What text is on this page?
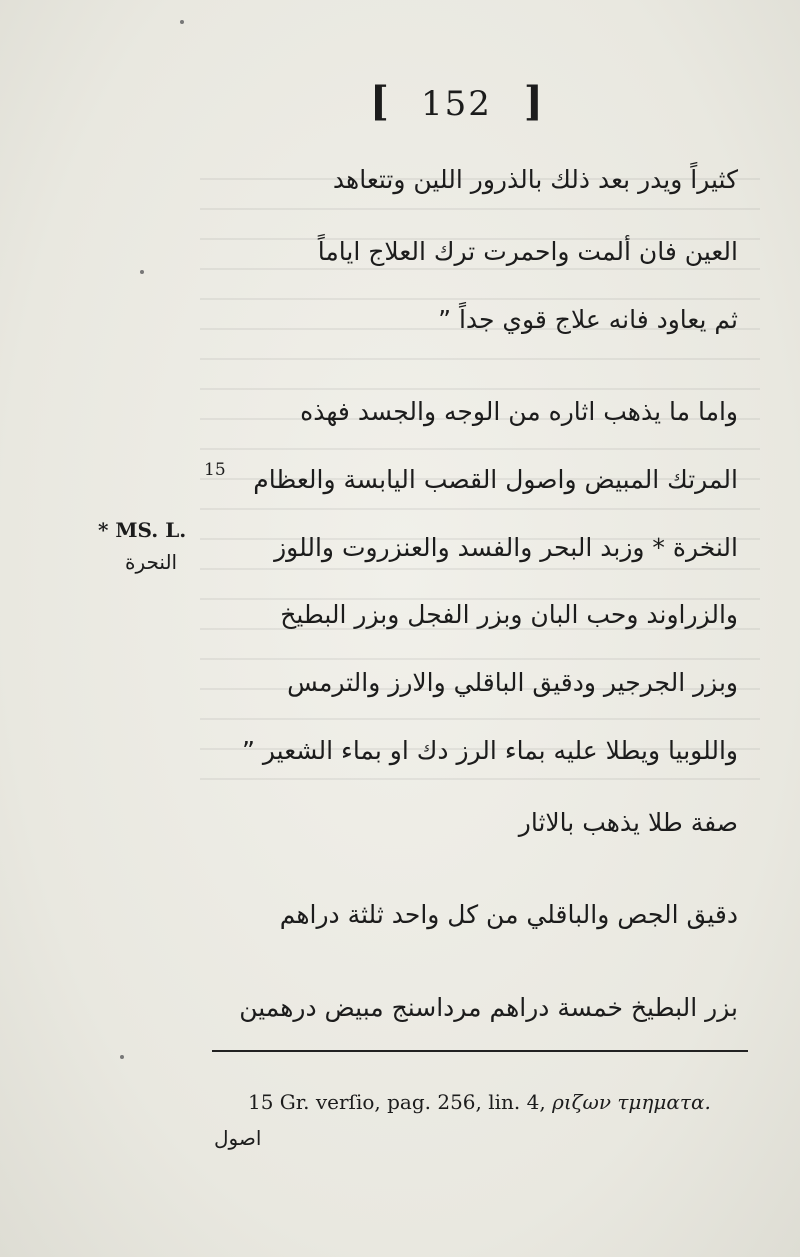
[ 152 ]
كثيراً ويدر بعد ذلك بالذرور اللين وتتعاهد
العين فان ألمت واحمرت ترك العلاج اياماً
ثم يعاود فانه علاج قوي جداً ”
واما ما يذهب اثاره من الوجه والجسد فهذه
المرتك المبيض واصول القصب اليابسة والعظام
15
النخرة * وزبد البحر والفسد والعنزروت واللوز
* MS. L.
النحرة
والزراوند وحب البان وبزر الفجل وبزر البطيخ
وبزر الجرجير ودقيق الباقلي والارز والترمس
واللوبيا ويطلا عليه بماء الرز دك او بماء الشعير ”
صفة طلا يذهب بالاثار
دقيق الجص والباقلي من كل واحد ثلثة دراهم
بزر البطيخ خمسة دراهم مرداسنج مبيض درهمين
15 Gr. verſio, pag. 256, lin. 4, ριζων τμηματα.
اصول
